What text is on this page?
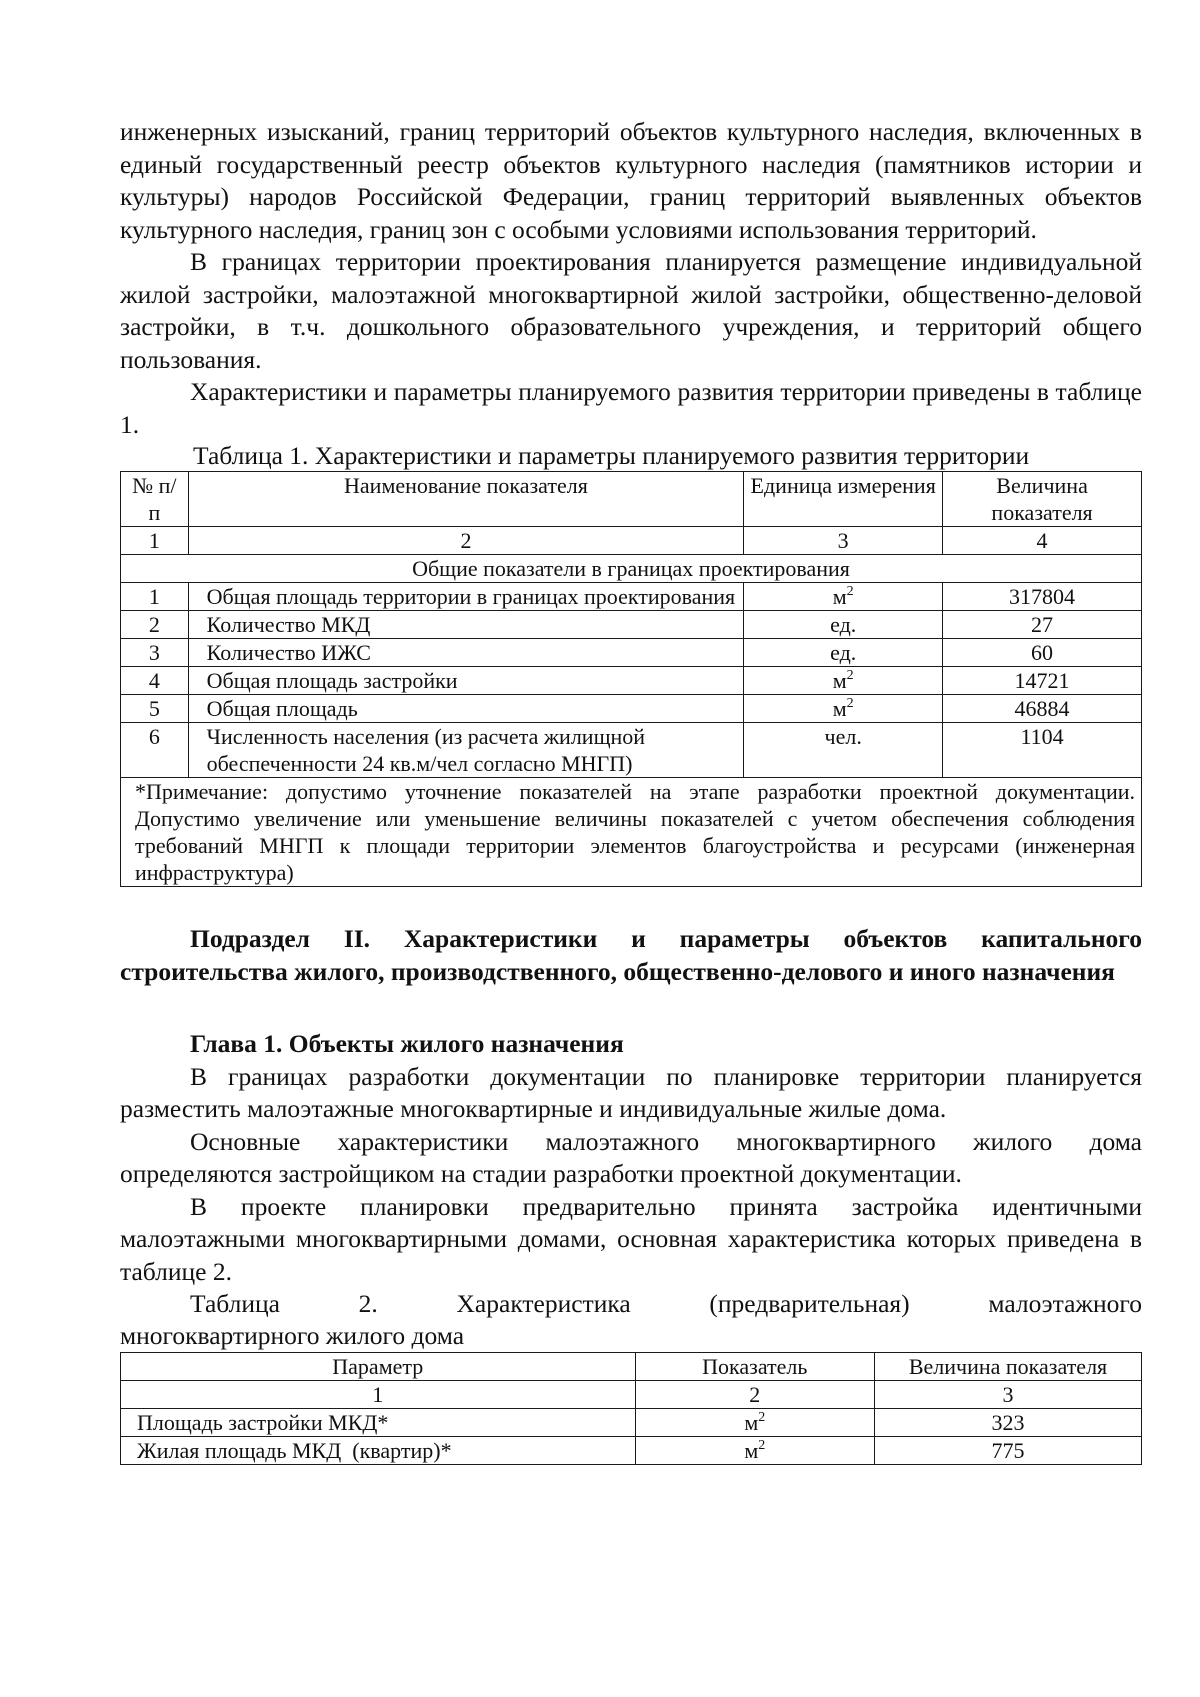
инженерных изысканий, границ территорий объектов культурного наследия, включенных в единый государственный реестр объектов культурного наследия (памятников истории и культуры) народов Российской Федерации, границ территорий выявленных объектов культурного наследия, границ зон с особыми условиями использования территорий.

В границах территории проектирования планируется размещение индивидуальной жилой застройки, малоэтажной многоквартирной жилой застройки, общественно-деловой застройки, в т.ч. дошкольного образовательного учреждения, и территорий общего пользования.

Характеристики и параметры планируемого развития территории приведены в таблице 1.

Таблица 1. Характеристики и параметры планируемого развития территории
№ п/п	Наименование показателя	Единица измерения	Величина показателя
1	2	3	4
Общие показатели в границах проектирования			
1	Общая площадь территории в границах проектирования	$м^2$	317804
2	Количество МКД	ед.	27
3	Количество ИЖС	ед.	60
4	Общая площадь застройки	$м^2$	14721
5	Общая площадь	$м^2$	46884
6	Численность населения (из расчета жилищной обеспеченности 24 кв.м/чел согласно МНГП)	чел.	1104
*Примечание: допустимо уточнение показателей на этапе разработки проектной документации. Допустимо увеличение или уменьшение величины показателей с учетом обеспечения соблюдения требований МНГП к площади территории элементов благоустройства и ресурсами (инженерная инфраструктура)			

Подраздел II. Характеристики и параметры объектов капитального строительства жилого, производственного, общественно-делового и иного назначения

Глава 1. Объекты жилого назначения

В границах разработки документации по планировке территории планируется разместить малоэтажные многоквартирные и индивидуальные жилые дома.

Основные характеристики малоэтажного многоквартирного жилого дома определяются застройщиком на стадии разработки проектной документации.

В проекте планировки предварительно принята застройка идентичными малоэтажными многоквартирными домами, основная характеристика которых приведена в таблице 2.

Таблица 2. Характеристика (предварительная) малоэтажного
многоквартирного жилого дома
Параметр	Показатель	Величина показателя
1	2	3
Площадь застройки МКД*	$м^2$	323
Жилая площадь МКД  (квартир)*	$м^2$	775
